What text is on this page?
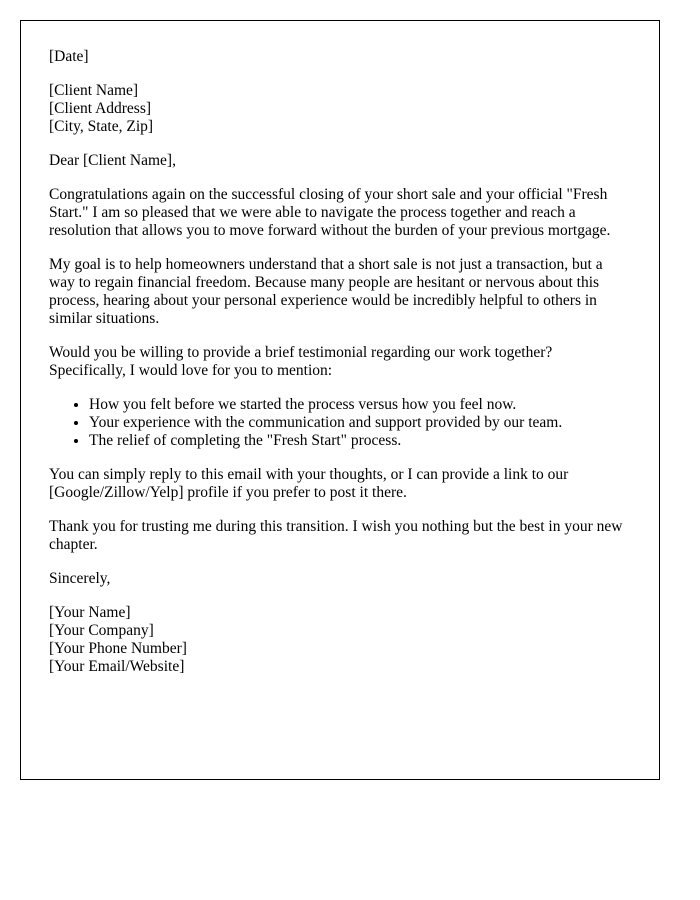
[Date]

[Client Name]
[Client Address]
[City, State, Zip]

Dear [Client Name],

Congratulations again on the successful closing of your short sale and your official "Fresh Start." I am so pleased that we were able to navigate the process together and reach a resolution that allows you to move forward without the burden of your previous mortgage.

My goal is to help homeowners understand that a short sale is not just a transaction, but a way to regain financial freedom. Because many people are hesitant or nervous about this process, hearing about your personal experience would be incredibly helpful to others in similar situations.

Would you be willing to provide a brief testimonial regarding our work together? Specifically, I would love for you to mention:

• How you felt before we started the process versus how you feel now.
• Your experience with the communication and support provided by our team.
• The relief of completing the "Fresh Start" process.

You can simply reply to this email with your thoughts, or I can provide a link to our [Google/Zillow/Yelp] profile if you prefer to post it there.

Thank you for trusting me during this transition. I wish you nothing but the best in your new chapter.

Sincerely,

[Your Name]
[Your Company]
[Your Phone Number]
[Your Email/Website]
